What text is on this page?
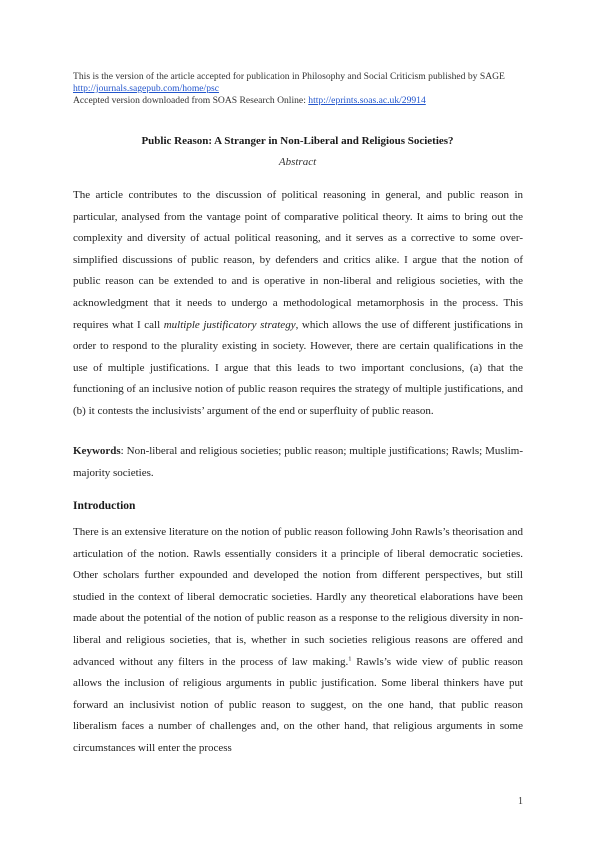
This is the version of the article accepted for publication in Philosophy and Social Criticism published by SAGE
http://journals.sagepub.com/home/psc
Accepted version downloaded from SOAS Research Online: http://eprints.soas.ac.uk/29914
Public Reason: A Stranger in Non-Liberal and Religious Societies?
Abstract
The article contributes to the discussion of political reasoning in general, and public reason in particular, analysed from the vantage point of comparative political theory. It aims to bring out the complexity and diversity of actual political reasoning, and it serves as a corrective to some over-simplified discussions of public reason, by defenders and critics alike. I argue that the notion of public reason can be extended to and is operative in non-liberal and religious societies, with the acknowledgment that it needs to undergo a methodological metamorphosis in the process. This requires what I call multiple justificatory strategy, which allows the use of different justifications in order to respond to the plurality existing in society. However, there are certain qualifications in the use of multiple justifications. I argue that this leads to two important conclusions, (a) that the functioning of an inclusive notion of public reason requires the strategy of multiple justifications, and (b) it contests the inclusivists’ argument of the end or superfluity of public reason.
Keywords: Non-liberal and religious societies; public reason; multiple justifications; Rawls; Muslim-majority societies.
Introduction
There is an extensive literature on the notion of public reason following John Rawls’s theorisation and articulation of the notion. Rawls essentially considers it a principle of liberal democratic societies. Other scholars further expounded and developed the notion from different perspectives, but still studied in the context of liberal democratic societies. Hardly any theoretical elaborations have been made about the potential of the notion of public reason as a response to the religious diversity in non-liberal and religious societies, that is, whether in such societies religious reasons are offered and advanced without any filters in the process of law making.$^1$ Rawls’s wide view of public reason allows the inclusion of religious arguments in public justification. Some liberal thinkers have put forward an inclusivist notion of public reason to suggest, on the one hand, that public reason liberalism faces a number of challenges and, on the other hand, that religious arguments in some circumstances will enter the process
1
